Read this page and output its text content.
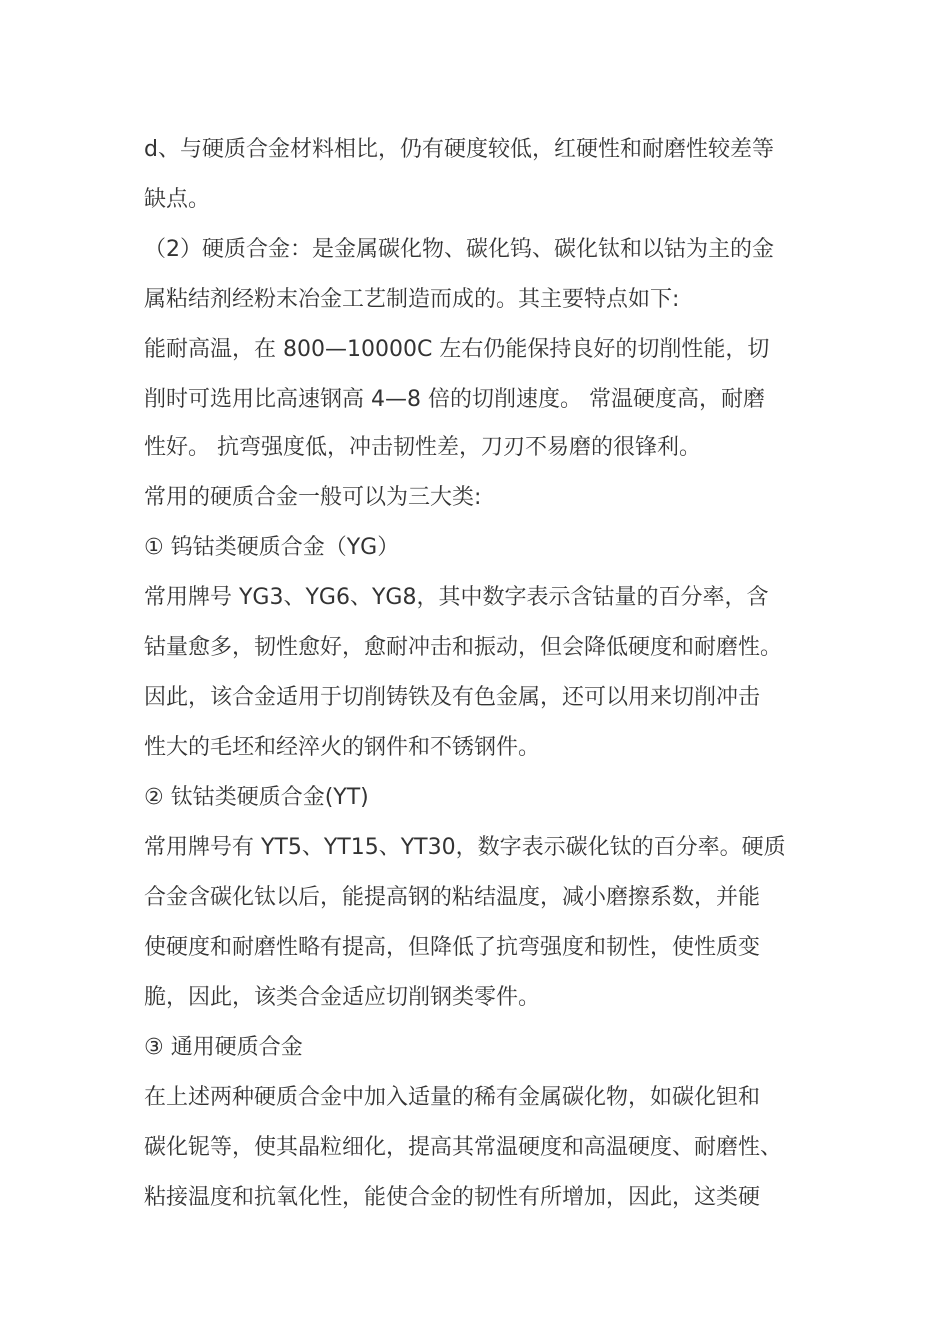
d、与硬质合金材料相比，仍有硬度较低，红硬性和耐磨性较差等
缺点。
（2）硬质合金：是金属碳化物、碳化钨、碳化钛和以钴为主的金
属粘结剂经粉末冶金工艺制造而成的。其主要特点如下:
能耐高温，在 800—10000C 左右仍能保持良好的切削性能，切
削时可选用比高速钢高 4—8 倍的切削速度。 常温硬度高，耐磨
性好。 抗弯强度低，冲击韧性差，刀刃不易磨的很锋利。
常用的硬质合金一般可以为三大类:
① 钨钴类硬质合金（YG）
常用牌号 YG3、YG6、YG8，其中数字表示含钴量的百分率，含
钴量愈多，韧性愈好，愈耐冲击和振动，但会降低硬度和耐磨性。
因此，该合金适用于切削铸铁及有色金属，还可以用来切削冲击
性大的毛坯和经淬火的钢件和不锈钢件。
② 钛钴类硬质合金(YT)
常用牌号有 YT5、YT15、YT30，数字表示碳化钛的百分率。硬质
合金含碳化钛以后，能提高钢的粘结温度，减小磨擦系数，并能
使硬度和耐磨性略有提高，但降低了抗弯强度和韧性，使性质变
脆，因此，该类合金适应切削钢类零件。
③ 通用硬质合金
在上述两种硬质合金中加入适量的稀有金属碳化物，如碳化钽和
碳化铌等，使其晶粒细化，提高其常温硬度和高温硬度、耐磨性、
粘接温度和抗氧化性，能使合金的韧性有所增加，因此，这类硬
